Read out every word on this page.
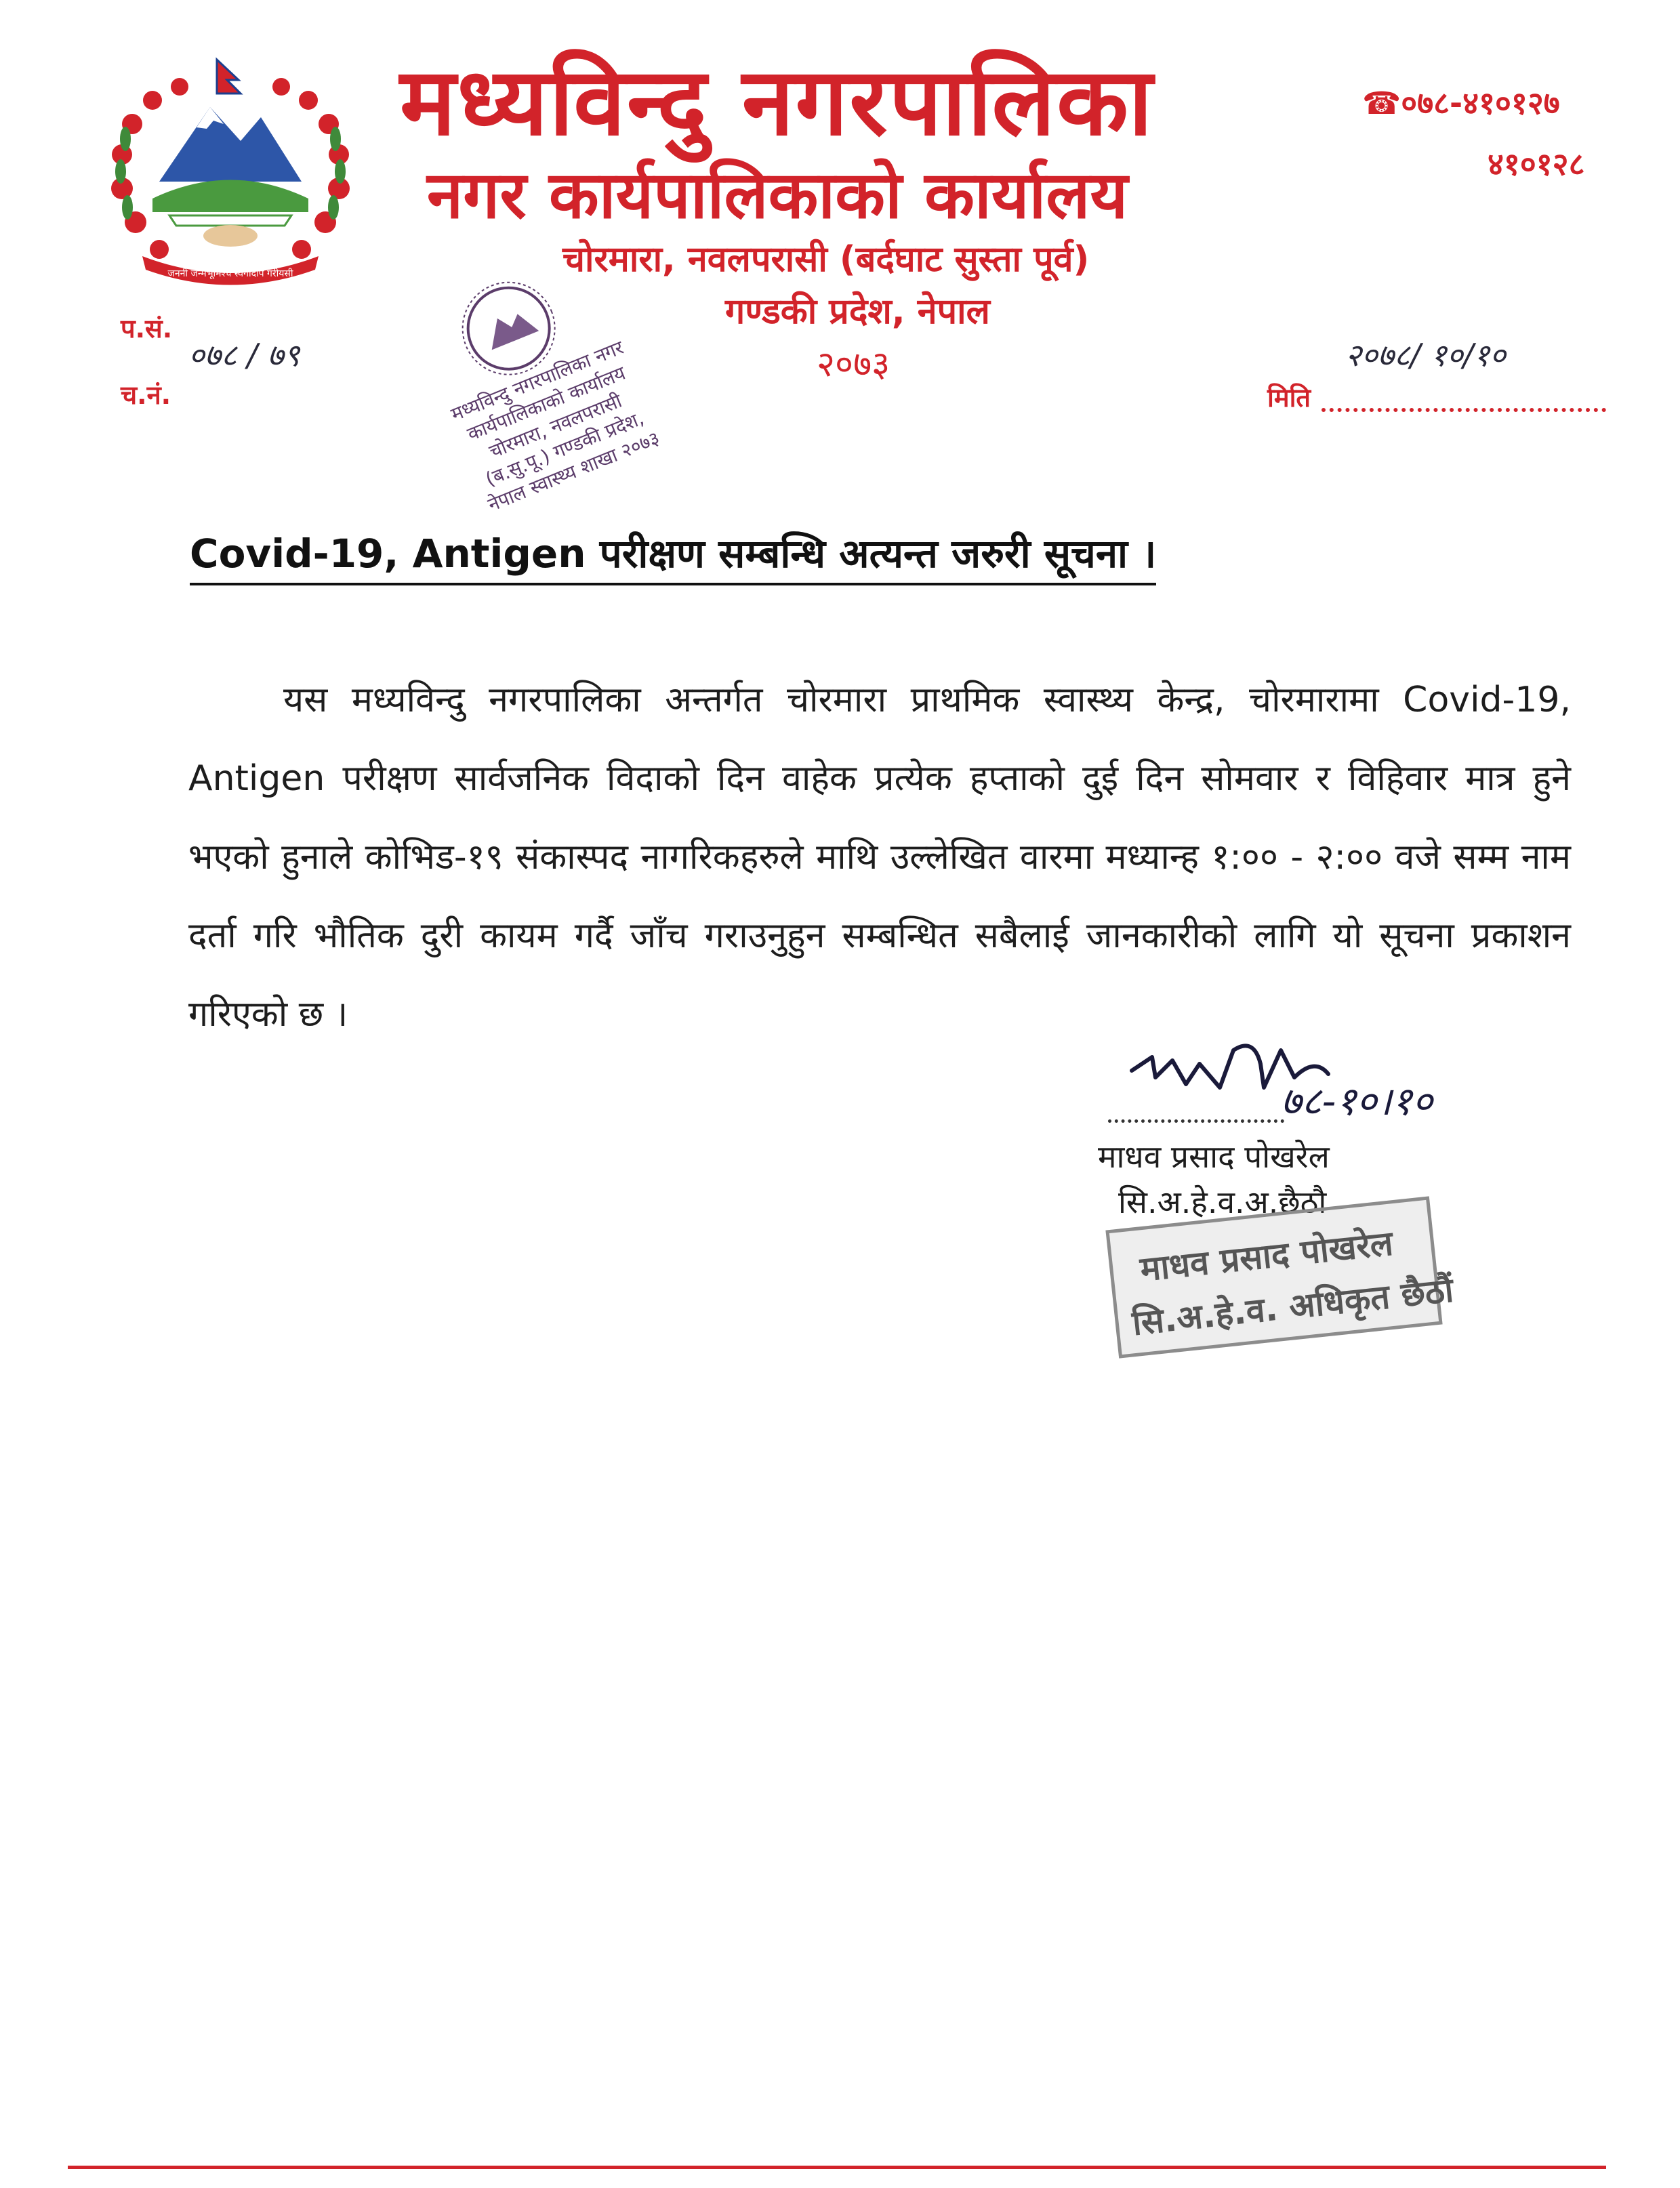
जननी जन्मभूमिश्च स्वर्गादपि गरीयसी
मध्यविन्दु नगरपालिका
नगर कार्यपालिकाको कार्यालय
चोरमारा, नवलपरासी (बर्दघाट सुस्ता पूर्व)
गण्डकी प्रदेश, नेपाल
२०७३
☎०७८-४१०१२७
४१०१२८
प.सं.
०७८ / ७९
च.नं.
२०७८/ १०/१०
मिति
मध्यविन्दु नगरपालिका नगर कार्यपालिकाको कार्यालय चोरमारा, नवलपरासी (ब.सु.पू.) गण्डकी प्रदेश, नेपाल स्वास्थ्य शाखा २०७३
Covid-19, Antigen परीक्षण सम्बन्धि अत्यन्त जरुरी सूचना ।
यस मध्यविन्दु नगरपालिका अन्तर्गत चोरमारा प्राथमिक स्वास्थ्य केन्द्र, चोरमारामा Covid-19, Antigen परीक्षण सार्वजनिक विदाको दिन वाहेक प्रत्येक हप्ताको दुई दिन सोमवार र विहिवार मात्र हुने भएको हुनाले कोभिड-१९ संकास्पद नागरिकहरुले माथि उल्लेखित वारमा मध्यान्ह १:०० - २:०० वजे सम्म नाम दर्ता गरि भौतिक दुरी कायम गर्दै जाँच गराउनुहुन सम्बन्धित सबैलाई जानकारीको लागि यो सूचना प्रकाशन गरिएको छ ।
७८-१०।१०
माधव प्रसाद पोखरेल
सि.अ.हे.व.अ.छैठौ
माधव प्रसाद पोखरेल
सि.अ.हे.व. अधिकृत छैठौं
